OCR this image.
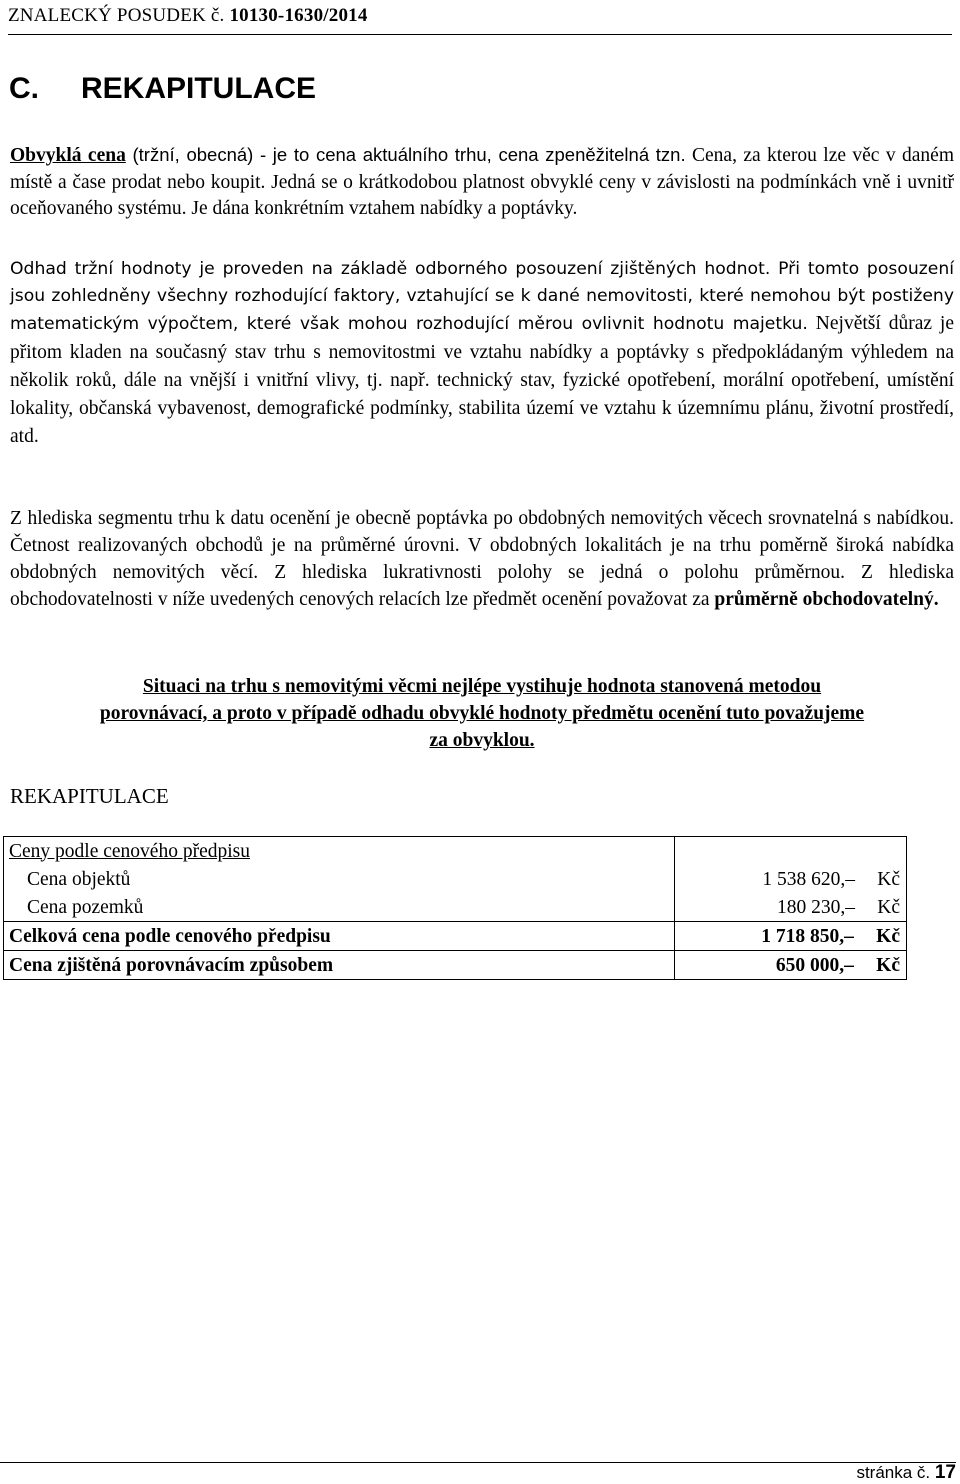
ZNALECKÝ POSUDEK č. 10130-1630/2014
C. REKAPITULACE
Obvyklá cena (tržní, obecná) - je to cena aktuálního trhu, cena zpeněžitelná tzn. Cena, za kterou lze věc v daném místě a čase prodat nebo koupit. Jedná se o krátkodobou platnost obvyklé ceny v závislosti na podmínkách vně i uvnitř oceňovaného systému. Je dána konkrétním vztahem nabídky a poptávky.
Odhad tržní hodnoty je proveden na základě odborného posouzení zjištěných hodnot. Při tomto posouzení jsou zohledněny všechny rozhodující faktory, vztahující se k dané nemovitosti, které nemohou být postiženy matematickým výpočtem, které však mohou rozhodující měrou ovlivnit hodnotu majetku. Největší důraz je přitom kladen na současný stav trhu s nemovitostmi ve vztahu nabídky a poptávky s předpokládaným výhledem na několik roků, dále na vnější i vnitřní vlivy, tj. např. technický stav, fyzické opotřebení, morální opotřebení, umístění lokality, občanská vybavenost, demografické podmínky, stabilita území ve vztahu k územnímu plánu, životní prostředí, atd.
Z hlediska segmentu trhu k datu ocenění je obecně poptávka po obdobných nemovitých věcech srovnatelná s nabídkou. Četnost realizovaných obchodů je na průměrné úrovni. V obdobných lokalitách je na trhu poměrně široká nabídka obdobných nemovitých věcí. Z hlediska lukrativnosti polohy se jedná o polohu průměrnou. Z hlediska obchodovatelnosti v níže uvedených cenových relacích lze předmět ocenění považovat za průměrně obchodovatelný.
Situaci na trhu s nemovitými věcmi nejlépe vystihuje hodnota stanovená metodou
porovnávací, a proto v případě odhadu obvyklé hodnoty předmětu ocenění tuto považujeme
za obvyklou.
REKAPITULACE
Ceny podle cenového předpisu	
Cena objektů	1 538 620,– Kč
Cena pozemků	180 230,– Kč
Celková cena podle cenového předpisu	1 718 850,– Kč
Cena zjištěná porovnávacím způsobem	650 000,– Kč
stránka č. 17
